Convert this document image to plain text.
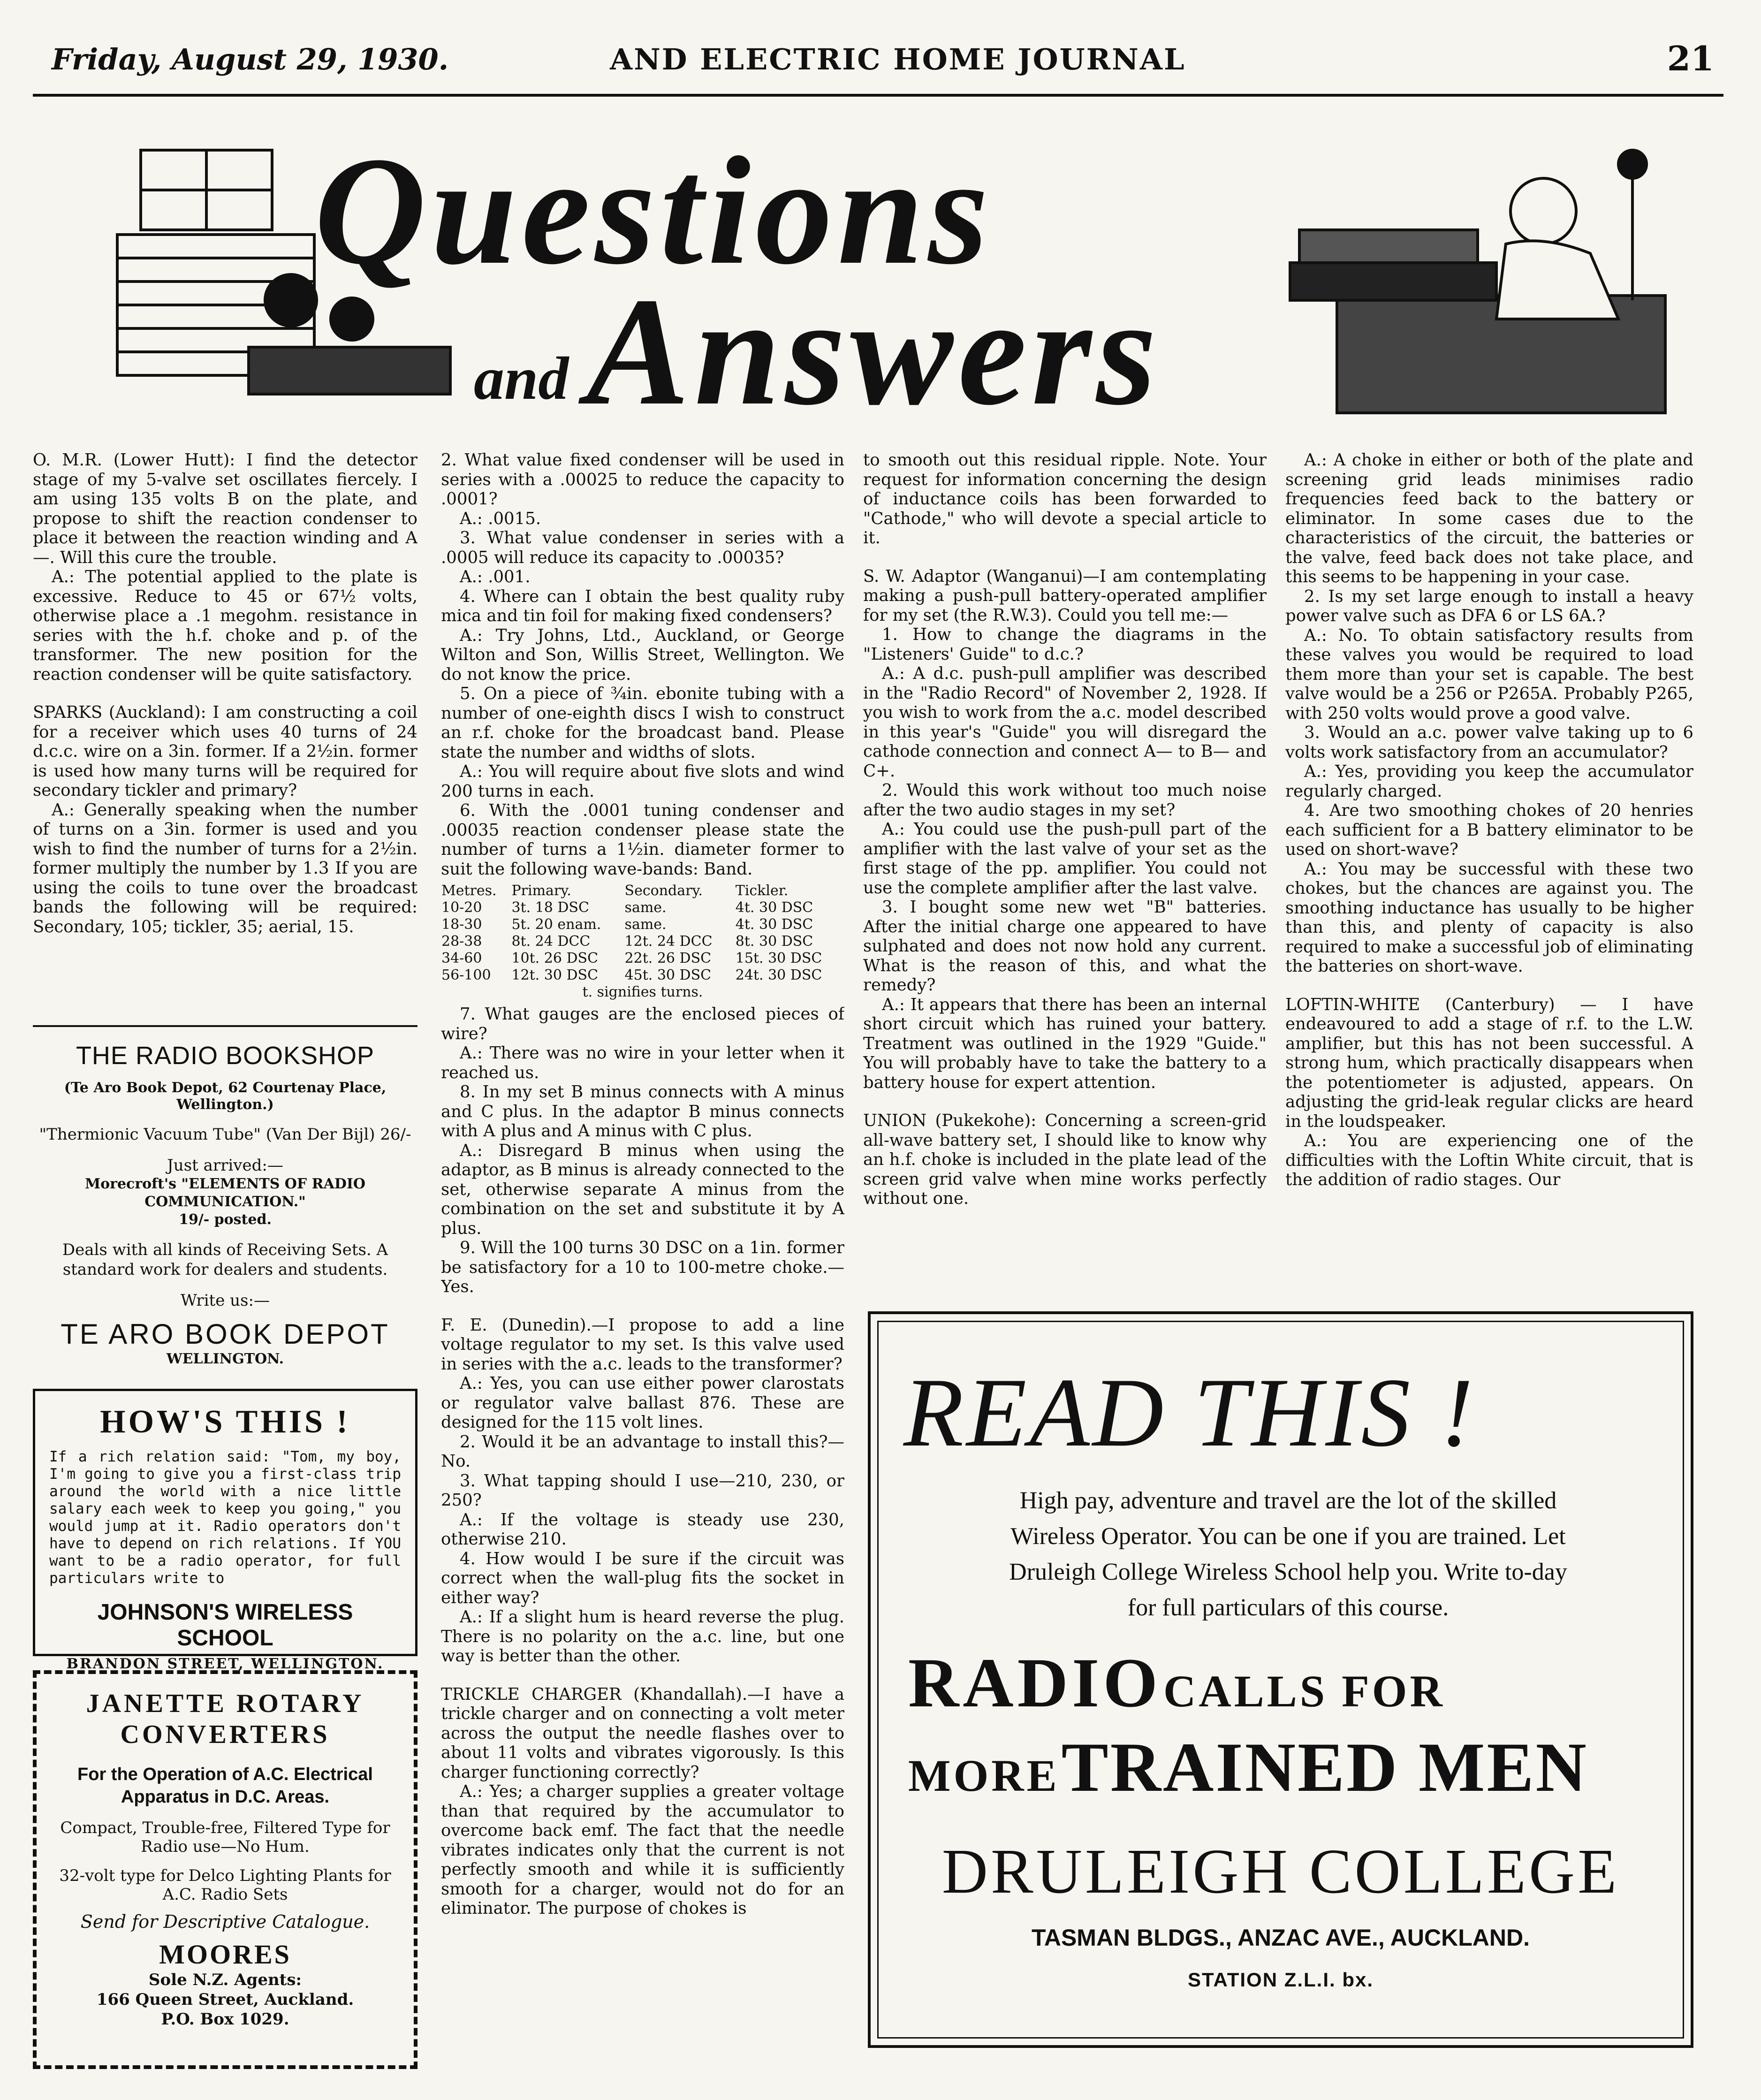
Friday, August 29, 1930.	AND ELECTRIC HOME JOURNAL	21
Questions
and Answers

O. M.R. (Lower Hutt): I find the detector stage of my 5-valve set oscillates fiercely. I am using 135 volts B on the plate, and propose to shift the reaction condenser to place it between the reaction winding and A—. Will this cure the trouble.

A.: The potential applied to the plate is excessive. Reduce to 45 or 67½ volts, otherwise place a .1 megohm. resistance in series with the h.f. choke and p. of the transformer. The new position for the reaction condenser will be quite satisfactory.

SPARKS (Auckland): I am constructing a coil for a receiver which uses 40 turns of 24 d.c.c. wire on a 3in. former. If a 2½in. former is used how many turns will be required for secondary tickler and primary?

A.: Generally speaking when the number of turns on a 3in. former is used and you wish to find the number of turns for a 2½in. former multiply the number by 1.3 If you are using the coils to tune over the broadcast bands the following will be required: Secondary, 105; tickler, 35; aerial, 15.

THE RADIO BOOKSHOP
(Te Aro Book Depot, 62 Courtenay Place, Wellington.)
"Thermionic Vacuum Tube" (Van Der Bijl) 26/-
Just arrived:—
Morecroft's "ELEMENTS OF RADIO COMMUNICATION."
19/- posted.
Deals with all kinds of Receiving Sets. A standard work for dealers and students.
Write us:—
TE ARO BOOK DEPOT
WELLINGTON.
HOW'S THIS !
If a rich relation said: "Tom, my boy, I'm going to give you a first-class trip around the world with a nice little salary each week to keep you going," you would jump at it. Radio operators don't have to depend on rich relations. If YOU want to be a radio operator, for full particulars write to
JOHNSON'S WIRELESS SCHOOL
BRANDON STREET, WELLINGTON.
JANETTE ROTARY CONVERTERS
For the Operation of A.C. Electrical Apparatus in D.C. Areas.
Compact, Trouble-free, Filtered Type for Radio use—No Hum.
32-volt type for Delco Lighting Plants for A.C. Radio Sets
Send for Descriptive Catalogue.
MOORES
Sole N.Z. Agents:
166 Queen Street, Auckland.
P.O. Box 1029.

2. What value fixed condenser will be used in series with a .00025 to reduce the capacity to .0001?

A.: .0015.

3. What value condenser in series with a .0005 will reduce its capacity to .00035?

A.: .001.

4. Where can I obtain the best quality ruby mica and tin foil for making fixed condensers?

A.: Try Johns, Ltd., Auckland, or George Wilton and Son, Willis Street, Wellington. We do not know the price.

5. On a piece of ¾in. ebonite tubing with a number of one-eighth discs I wish to construct an r.f. choke for the broadcast band. Please state the number and widths of slots.

A.: You will require about five slots and wind 200 turns in each.

6. With the .0001 tuning condenser and .00035 reaction condenser please state the number of turns a 1½in. diameter former to suit the following wave-bands: Band.

Metres.	Primary.	Secondary.	Tickler.
10-20	3t. 18 DSC	same.	4t. 30 DSC
18-30	5t. 20 enam.	same.	4t. 30 DSC
28-38	8t. 24 DCC	12t. 24 DCC	8t. 30 DSC
34-60	10t. 26 DSC	22t. 26 DSC	15t. 30 DSC
56-100	12t. 30 DSC	45t. 30 DSC	24t. 30 DSC
t. signifies turns.			

7. What gauges are the enclosed pieces of wire?

A.: There was no wire in your letter when it reached us.

8. In my set B minus connects with A minus and C plus. In the adaptor B minus connects with A plus and A minus with C plus.

A.: Disregard B minus when using the adaptor, as B minus is already connected to the set, otherwise separate A minus from the combination on the set and substitute it by A plus.

9. Will the 100 turns 30 DSC on a 1in. former be satisfactory for a 10 to 100-metre choke.—Yes.

F. E. (Dunedin).—I propose to add a line voltage regulator to my set. Is this valve used in series with the a.c. leads to the transformer?

A.: Yes, you can use either power clarostats or regulator valve ballast 876. These are designed for the 115 volt lines.

2. Would it be an advantage to install this?—No.

3. What tapping should I use—210, 230, or 250?

A.: If the voltage is steady use 230, otherwise 210.

4. How would I be sure if the circuit was correct when the wall-plug fits the socket in either way?

A.: If a slight hum is heard reverse the plug. There is no polarity on the a.c. line, but one way is better than the other.

TRICKLE CHARGER (Khandallah).—I have a trickle charger and on connecting a volt meter across the output the needle flashes over to about 11 volts and vibrates vigorously. Is this charger functioning correctly?

A.: Yes; a charger supplies a greater voltage than that required by the accumulator to overcome back emf. The fact that the needle vibrates indicates only that the current is not perfectly smooth and while it is sufficiently smooth for a charger, would not do for an eliminator. The purpose of chokes is

to smooth out this residual ripple. Note. Your request for information concerning the design of inductance coils has been forwarded to "Cathode," who will devote a special article to it.

S. W. Adaptor (Wanganui)—I am contemplating making a push-pull battery-operated amplifier for my set (the R.W.3). Could you tell me:—

1. How to change the diagrams in the "Listeners' Guide" to d.c.?

A.: A d.c. push-pull amplifier was described in the "Radio Record" of November 2, 1928. If you wish to work from the a.c. model described in this year's "Guide" you will disregard the cathode connection and connect A— to B— and C+.

2. Would this work without too much noise after the two audio stages in my set?

A.: You could use the push-pull part of the amplifier with the last valve of your set as the first stage of the pp. amplifier. You could not use the complete amplifier after the last valve.

3. I bought some new wet "B" batteries. After the initial charge one appeared to have sulphated and does not now hold any current. What is the reason of this, and what the remedy?

A.: It appears that there has been an internal short circuit which has ruined your battery. Treatment was outlined in the 1929 "Guide." You will probably have to take the battery to a battery house for expert attention.

UNION (Pukekohe): Concerning a screen-grid all-wave battery set, I should like to know why an h.f. choke is included in the plate lead of the screen grid valve when mine works perfectly without one.

A.: A choke in either or both of the plate and screening grid leads minimises radio frequencies feed back to the battery or eliminator. In some cases due to the characteristics of the circuit, the batteries or the valve, feed back does not take place, and this seems to be happening in your case.

2. Is my set large enough to install a heavy power valve such as DFA 6 or LS 6A.?

A.: No. To obtain satisfactory results from these valves you would be required to load them more than your set is capable. The best valve would be a 256 or P265A. Probably P265, with 250 volts would prove a good valve.

3. Would an a.c. power valve taking up to 6 volts work satisfactory from an accumulator?

A.: Yes, providing you keep the accumulator regularly charged.

4. Are two smoothing chokes of 20 henries each sufficient for a B battery eliminator to be used on short-wave?

A.: You may be successful with these two chokes, but the chances are against you. The smoothing inductance has usually to be higher than this, and plenty of capacity is also required to make a successful job of eliminating the batteries on short-wave.

LOFTIN-WHITE (Canterbury) — I have endeavoured to add a stage of r.f. to the L.W. amplifier, but this has not been successful. A strong hum, which practically disappears when the potentiometer is adjusted, appears. On adjusting the grid-leak regular clicks are heard in the loudspeaker.

A.: You are experiencing one of the difficulties with the Loftin White circuit, that is the addition of radio stages. Our

READ THIS !
High pay, adventure and travel are the lot of the skilled Wireless Operator. You can be one if you are trained. Let Druleigh College Wireless School help you. Write to-day for full particulars of this course.
RADIO CALLS FOR
MORE TRAINED MEN
DRULEIGH COLLEGE
TASMAN BLDGS., ANZAC AVE., AUCKLAND.
STATION Z.L.I. bx.
